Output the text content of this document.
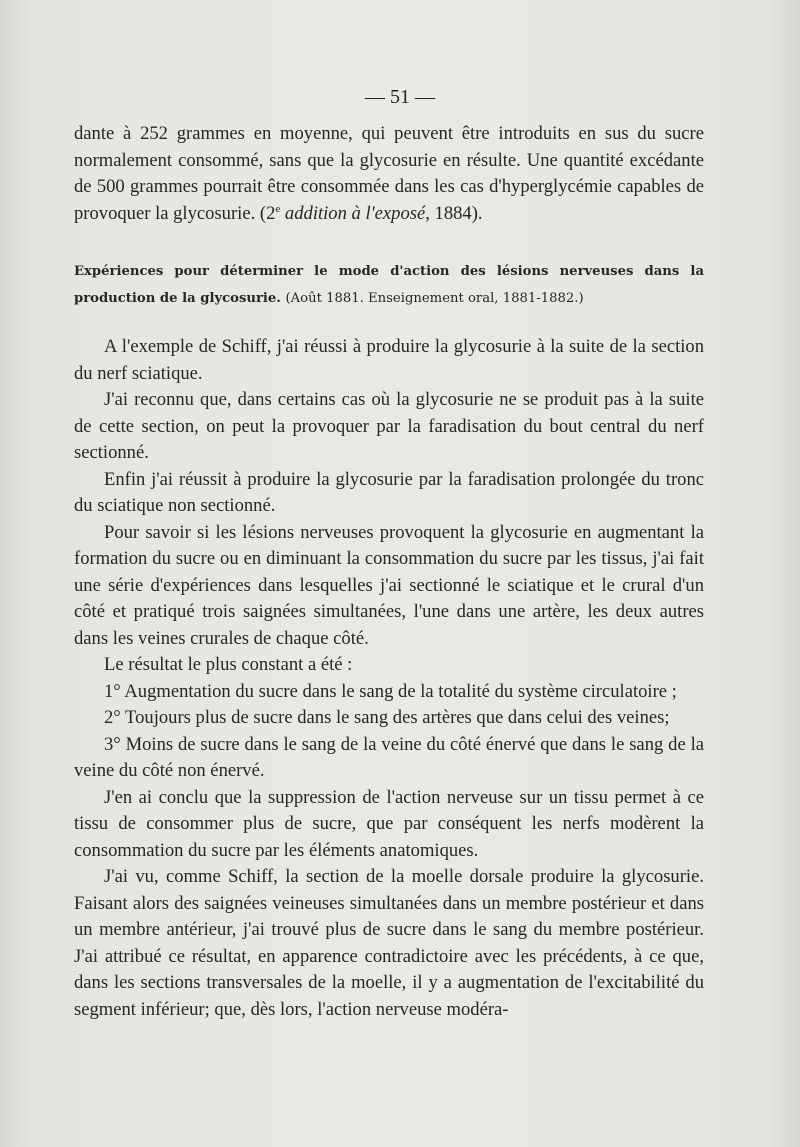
— 51 —

dante à 252 grammes en moyenne, qui peuvent être introduits en sus du sucre normalement consommé, sans que la glycosurie en résulte. Une quantité excédante de 500 grammes pourrait être consommée dans les cas d'hyperglycémie capables de provoquer la glycosurie. (2e addition à l'exposé, 1884).

Expériences pour déterminer le mode d'action des lésions nerveuses dans la production de la glycosurie. (Août 1881. Enseignement oral, 1881-1882.)

A l'exemple de Schiff, j'ai réussi à produire la glycosurie à la suite de la section du nerf sciatique.

J'ai reconnu que, dans certains cas où la glycosurie ne se produit pas à la suite de cette section, on peut la provoquer par la faradisation du bout central du nerf sectionné.

Enfin j'ai réussit à produire la glycosurie par la faradisation prolongée du tronc du sciatique non sectionné.

Pour savoir si les lésions nerveuses provoquent la glycosurie en augmentant la formation du sucre ou en diminuant la consommation du sucre par les tissus, j'ai fait une série d'expériences dans lesquelles j'ai sectionné le sciatique et le crural d'un côté et pratiqué trois saignées simultanées, l'une dans une artère, les deux autres dans les veines crurales de chaque côté.

Le résultat le plus constant a été :

1° Augmentation du sucre dans le sang de la totalité du système circulatoire ;

2° Toujours plus de sucre dans le sang des artères que dans celui des veines;

3° Moins de sucre dans le sang de la veine du côté énervé que dans le sang de la veine du côté non énervé.

J'en ai conclu que la suppression de l'action nerveuse sur un tissu permet à ce tissu de consommer plus de sucre, que par conséquent les nerfs modèrent la consommation du sucre par les éléments anatomiques.

J'ai vu, comme Schiff, la section de la moelle dorsale produire la glycosurie. Faisant alors des saignées veineuses simultanées dans un membre postérieur et dans un membre antérieur, j'ai trouvé plus de sucre dans le sang du membre postérieur. J'ai attribué ce résultat, en apparence contradictoire avec les précédents, à ce que, dans les sections transversales de la moelle, il y a augmentation de l'excitabilité du segment inférieur; que, dès lors, l'action nerveuse modéra-
